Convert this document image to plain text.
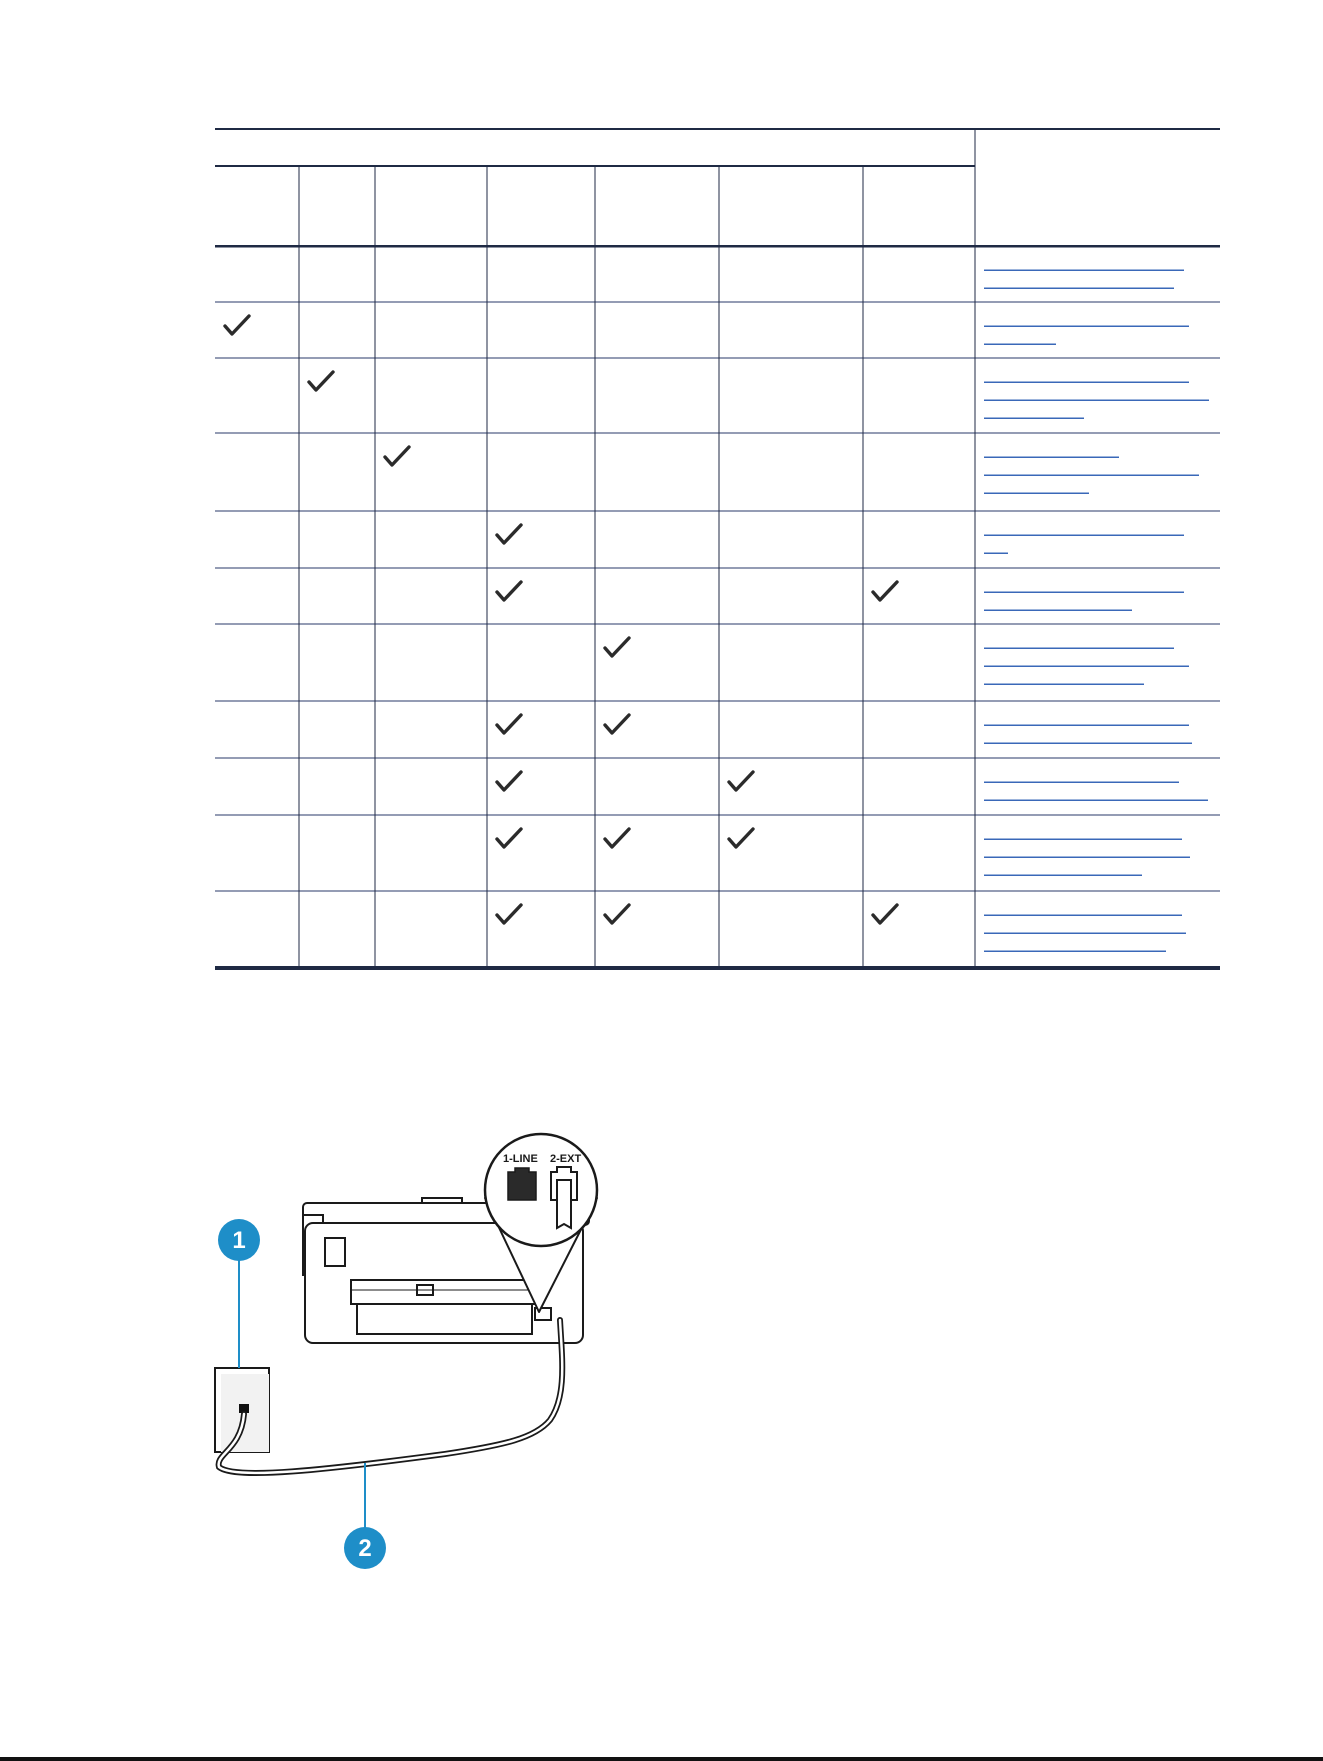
1-LINE 2-EXT
1
2
